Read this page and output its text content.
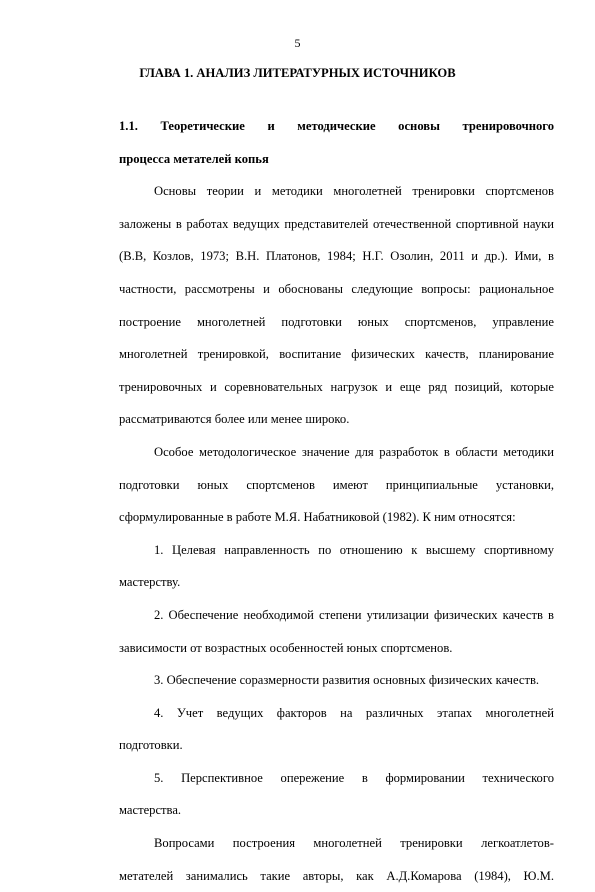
5
ГЛАВА 1. АНАЛИЗ ЛИТЕРАТУРНЫХ ИСТОЧНИКОВ
1.1. Теоретические и методические основы тренировочного
процесса метателей копья
Основы теории и методики многолетней тренировки спортсменов
заложены в работах ведущих представителей отечественной спортивной науки
(В.В, Козлов, 1973; В.Н. Платонов, 1984; Н.Г. Озолин, 2011 и др.). Ими, в
частности, рассмотрены и обоснованы следующие вопросы: рациональное
построение многолетней подготовки юных спортсменов, управление
многолетней тренировкой, воспитание физических качеств, планирование
тренировочных и соревновательных нагрузок и еще ряд позиций, которые
рассматриваются более или менее широко.
Особое методологическое значение для разработок в области методики
подготовки юных спортсменов имеют принципиальные установки,
сформулированные в работе М.Я. Набатниковой (1982). К ним относятся:
1. Целевая направленность по отношению к высшему спортивному
мастерству.
2. Обеспечение необходимой степени утилизации физических качеств в
зависимости от возрастных особенностей юных спортсменов.
3. Обеспечение соразмерности развития основных физических качеств.
4. Учет ведущих факторов на различных этапах многолетней
подготовки.
5. Перспективное опережение в формировании технического
мастерства.
Вопросами построения многолетней тренировки легкоатлетов-
метателей занимались такие авторы, как А.Д.Комарова (1984), Ю.М.
